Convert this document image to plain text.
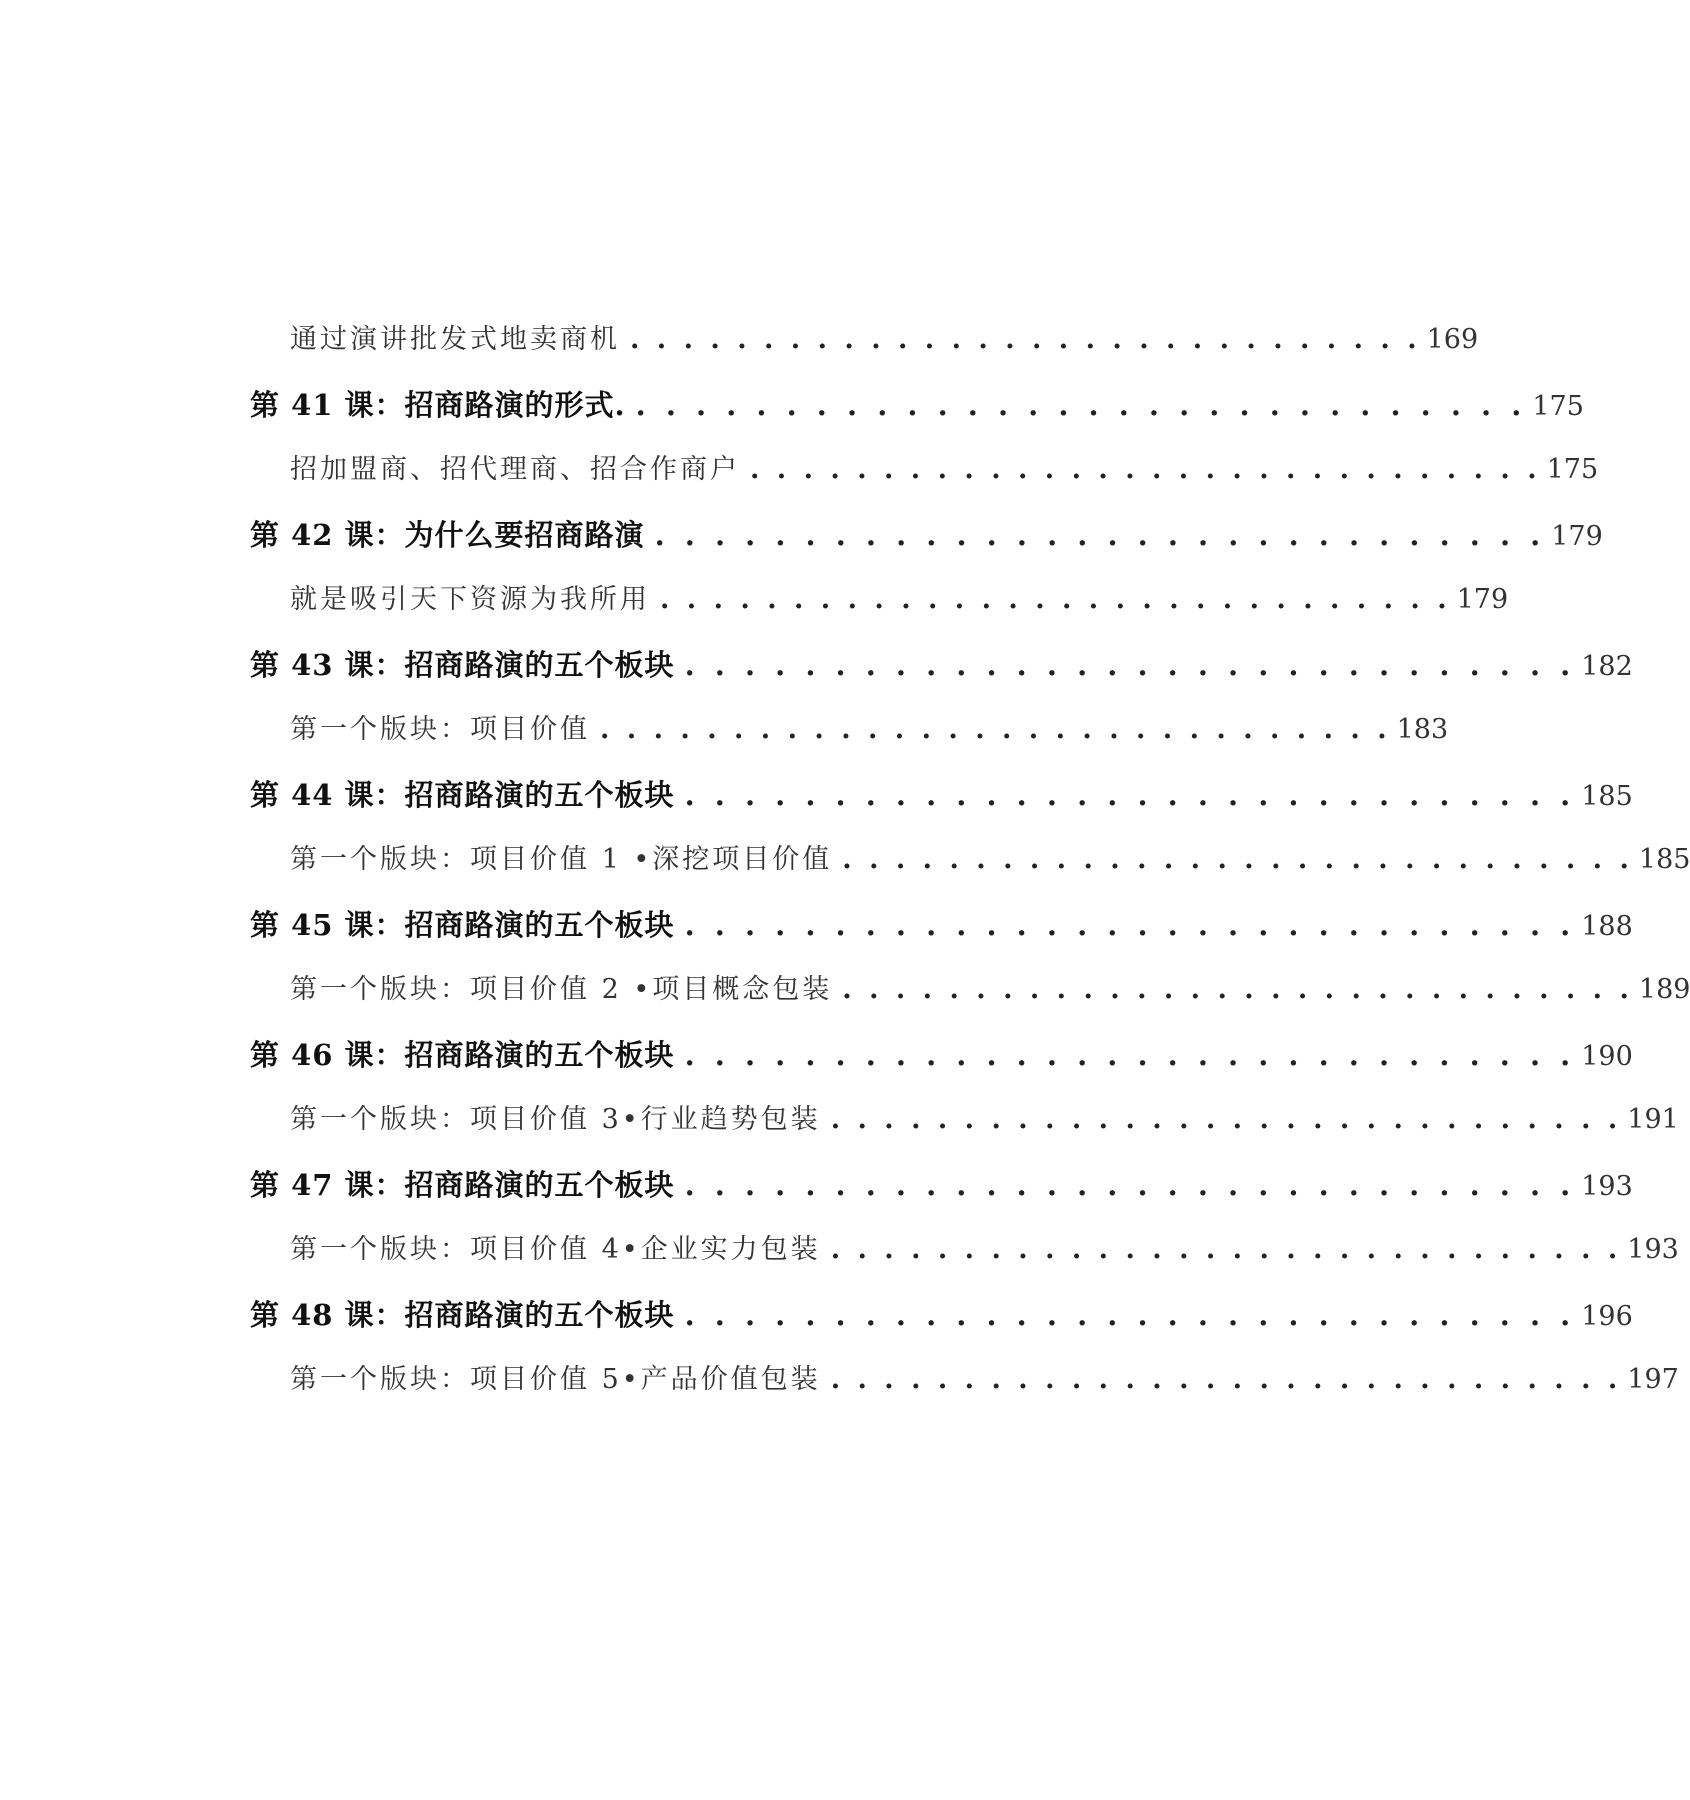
通过演讲批发式地卖商机 . . . . . . . . . . . . . . . . . . . . . . . . . . . . . . 169
第 41 课：招商路演的形式. . . . . . . . . . . . . . . . . . . . . . . . . . . . . . . 175
招加盟商、招代理商、招合作商户 . . . . . . . . . . . . . . . . . . . . . . . . . . . . . . 175
第 42 课：为什么要招商路演 . . . . . . . . . . . . . . . . . . . . . . . . . . . . . . 179
就是吸引天下资源为我所用 . . . . . . . . . . . . . . . . . . . . . . . . . . . . . . 179
第 43 课：招商路演的五个板块 . . . . . . . . . . . . . . . . . . . . . . . . . . . . . . 182
第一个版块：项目价值 . . . . . . . . . . . . . . . . . . . . . . . . . . . . . . 183
第 44 课：招商路演的五个板块 . . . . . . . . . . . . . . . . . . . . . . . . . . . . . . 185
第一个版块：项目价值 1 •深挖项目价值 . . . . . . . . . . . . . . . . . . . . . . . . . . . . . . 185
第 45 课：招商路演的五个板块 . . . . . . . . . . . . . . . . . . . . . . . . . . . . . . 188
第一个版块：项目价值 2 •项目概念包装 . . . . . . . . . . . . . . . . . . . . . . . . . . . . . . 189
第 46 课：招商路演的五个板块 . . . . . . . . . . . . . . . . . . . . . . . . . . . . . . 190
第一个版块：项目价值 3•行业趋势包装 . . . . . . . . . . . . . . . . . . . . . . . . . . . . . . 191
第 47 课：招商路演的五个板块 . . . . . . . . . . . . . . . . . . . . . . . . . . . . . . 193
第一个版块：项目价值 4•企业实力包装 . . . . . . . . . . . . . . . . . . . . . . . . . . . . . . 193
第 48 课：招商路演的五个板块 . . . . . . . . . . . . . . . . . . . . . . . . . . . . . . 196
第一个版块：项目价值 5•产品价值包装 . . . . . . . . . . . . . . . . . . . . . . . . . . . . . . 197
